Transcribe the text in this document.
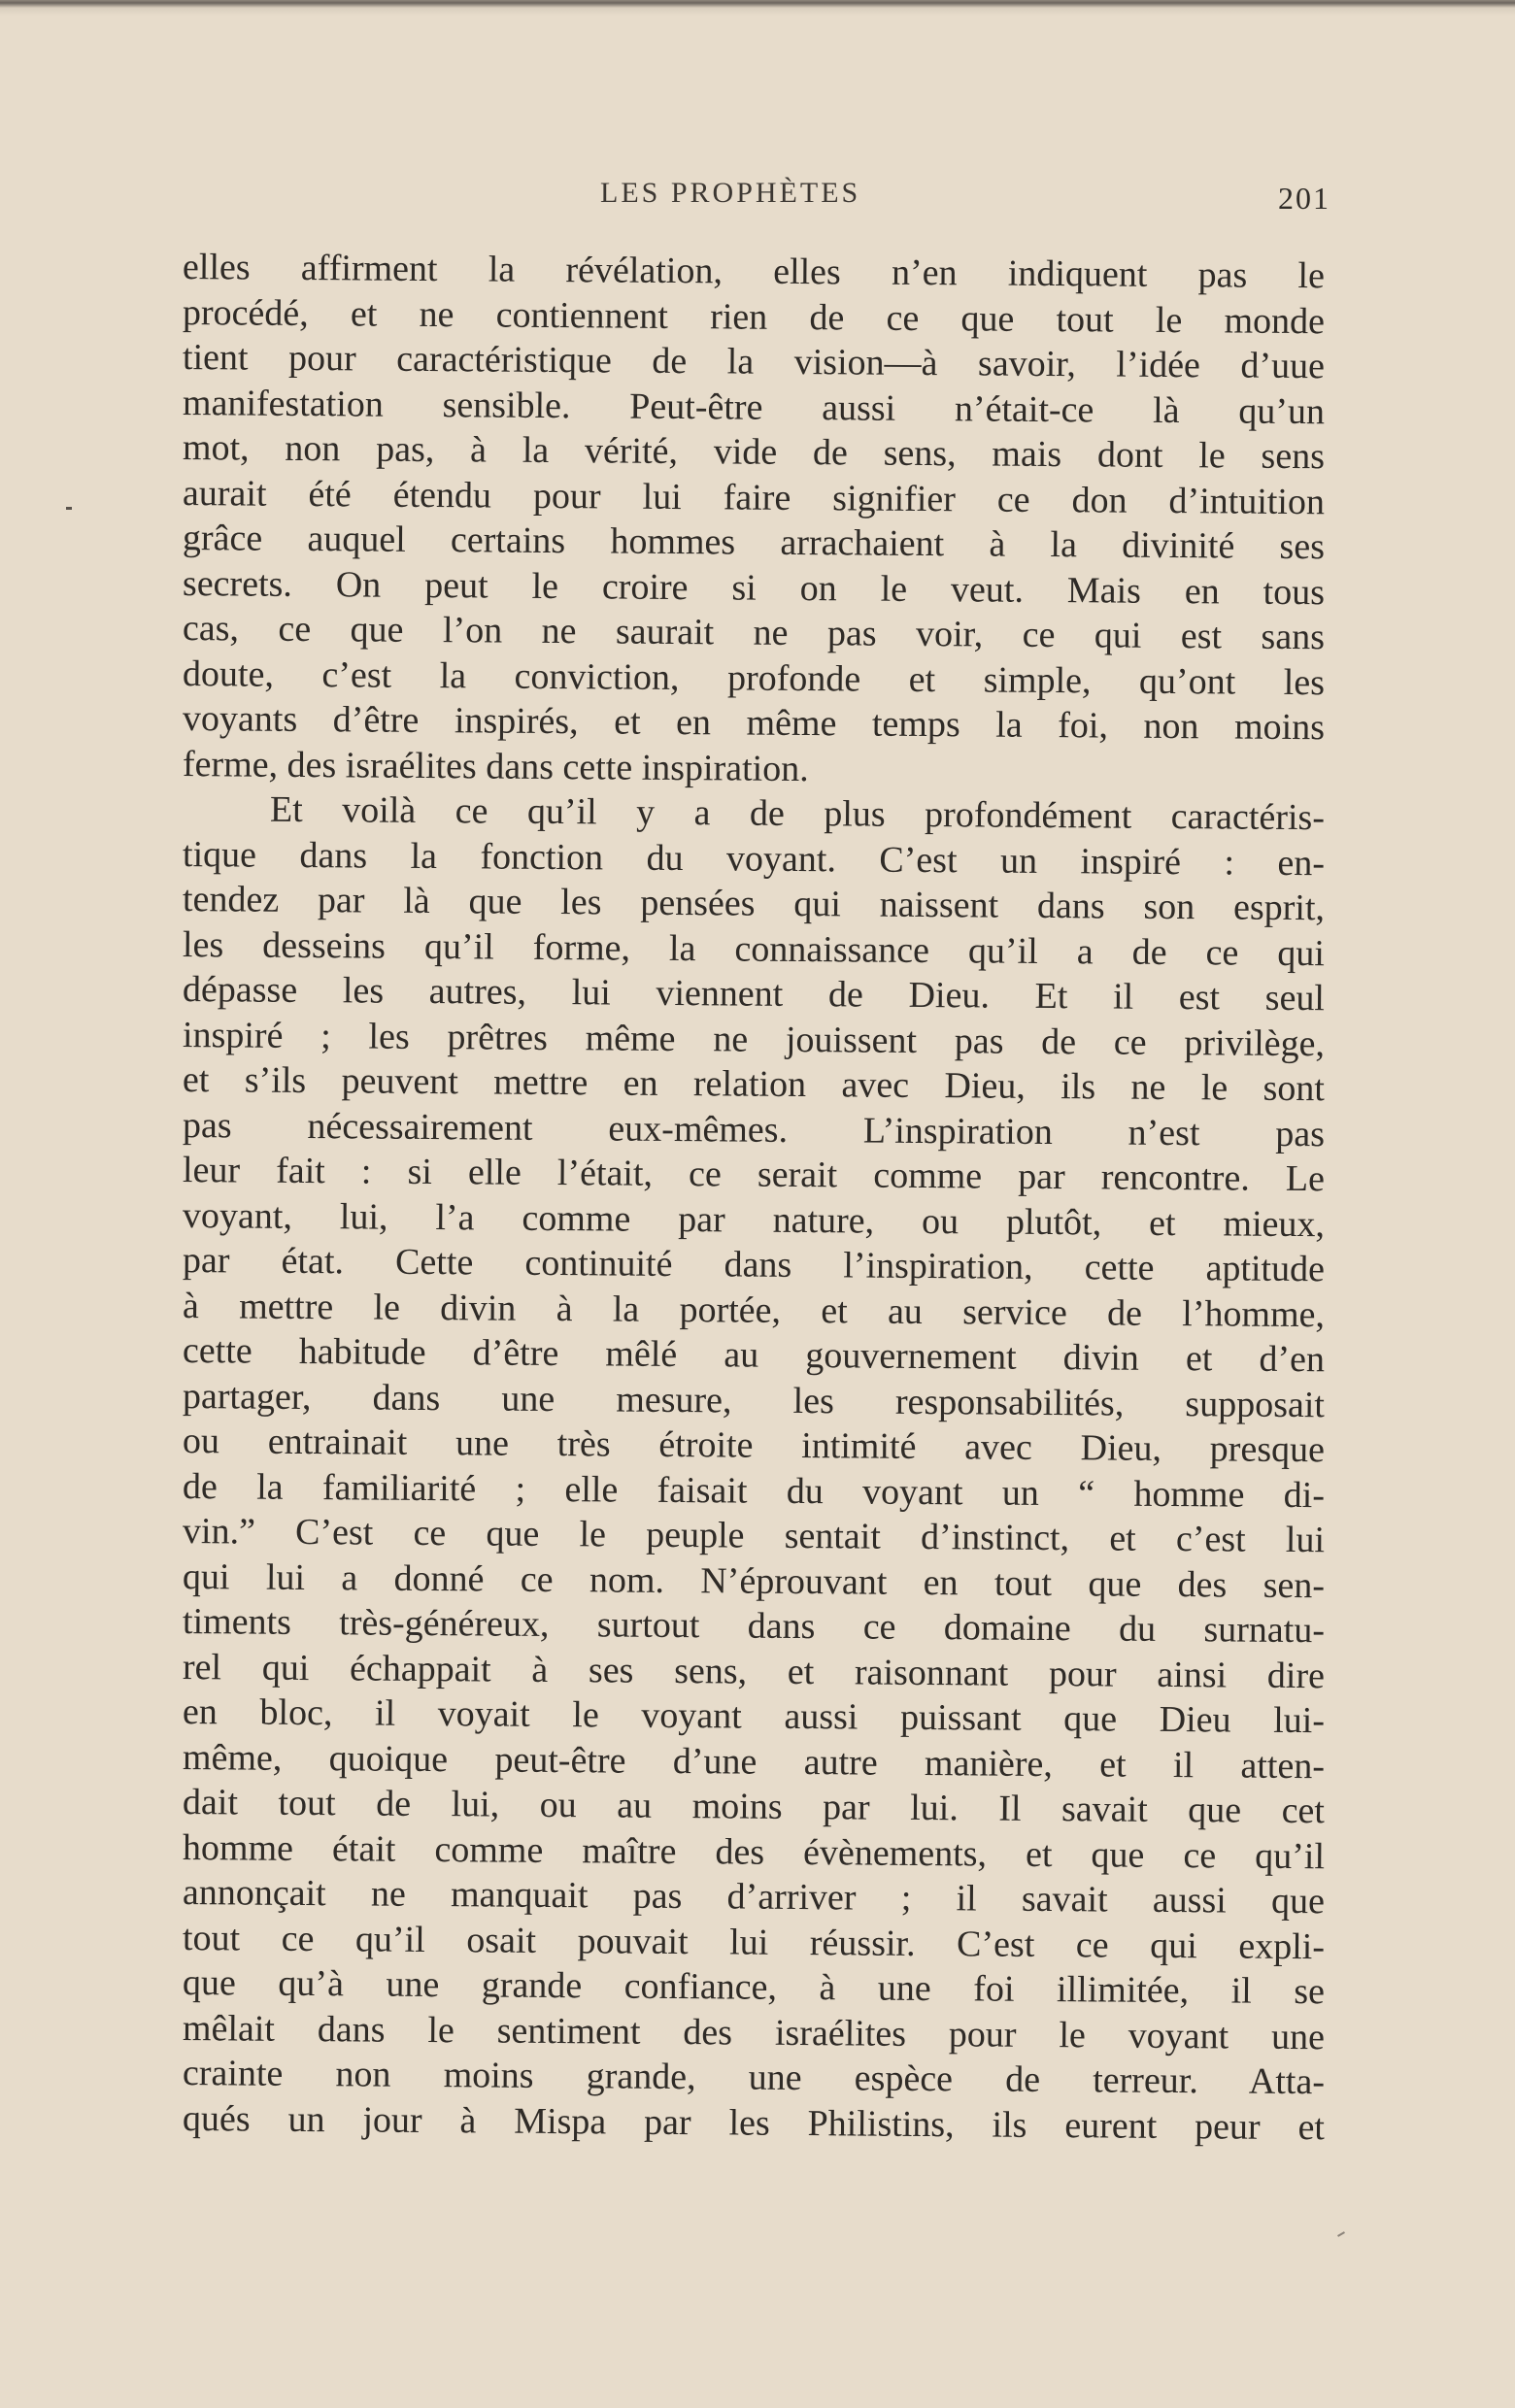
LES PROPHÈTES	201
elles affirment la révélation, elles n’en indiquent pas le
procédé, et ne contiennent rien de ce que tout le monde
tient pour caractéristique de la vision—à savoir, l’idée d’uue
manifestation sensible. Peut-être aussi n’était-ce là qu’un
mot, non pas, à la vérité, vide de sens, mais dont le sens
aurait été étendu pour lui faire signifier ce don d’intuition
grâce auquel certains hommes arrachaient à la divinité ses
secrets. On peut le croire si on le veut. Mais en tous
cas, ce que l’on ne saurait ne pas voir, ce qui est sans
doute, c’est la conviction, profonde et simple, qu’ont les
voyants d’être inspirés, et en même temps la foi, non moins
ferme, des israélites dans cette inspiration.
Et voilà ce qu’il y a de plus profondément caractéris-
tique dans la fonction du voyant. C’est un inspiré : en-
tendez par là que les pensées qui naissent dans son esprit,
les desseins qu’il forme, la connaissance qu’il a de ce qui
dépasse les autres, lui viennent de Dieu. Et il est seul
inspiré ; les prêtres même ne jouissent pas de ce privilège,
et s’ils peuvent mettre en relation avec Dieu, ils ne le sont
pas nécessairement eux-mêmes. L’inspiration n’est pas
leur fait : si elle l’était, ce serait comme par rencontre. Le
voyant, lui, l’a comme par nature, ou plutôt, et mieux,
par état. Cette continuité dans l’inspiration, cette aptitude
à mettre le divin à la portée, et au service de l’homme,
cette habitude d’être mêlé au gouvernement divin et d’en
partager, dans une mesure, les responsabilités, supposait
ou entrainait une très étroite intimité avec Dieu, presque
de la familiarité ; elle faisait du voyant un “ homme di-
vin.” C’est ce que le peuple sentait d’instinct, et c’est lui
qui lui a donné ce nom. N’éprouvant en tout que des sen-
timents très-généreux, surtout dans ce domaine du surnatu-
rel qui échappait à ses sens, et raisonnant pour ainsi dire
en bloc, il voyait le voyant aussi puissant que Dieu lui-
même, quoique peut-être d’une autre manière, et il atten-
dait tout de lui, ou au moins par lui. Il savait que cet
homme était comme maître des évènements, et que ce qu’il
annonçait ne manquait pas d’arriver ; il savait aussi que
tout ce qu’il osait pouvait lui réussir. C’est ce qui expli-
que qu’à une grande confiance, à une foi illimitée, il se
mêlait dans le sentiment des israélites pour le voyant une
crainte non moins grande, une espèce de terreur. Atta-
qués un jour à Mispa par les Philistins, ils eurent peur et
